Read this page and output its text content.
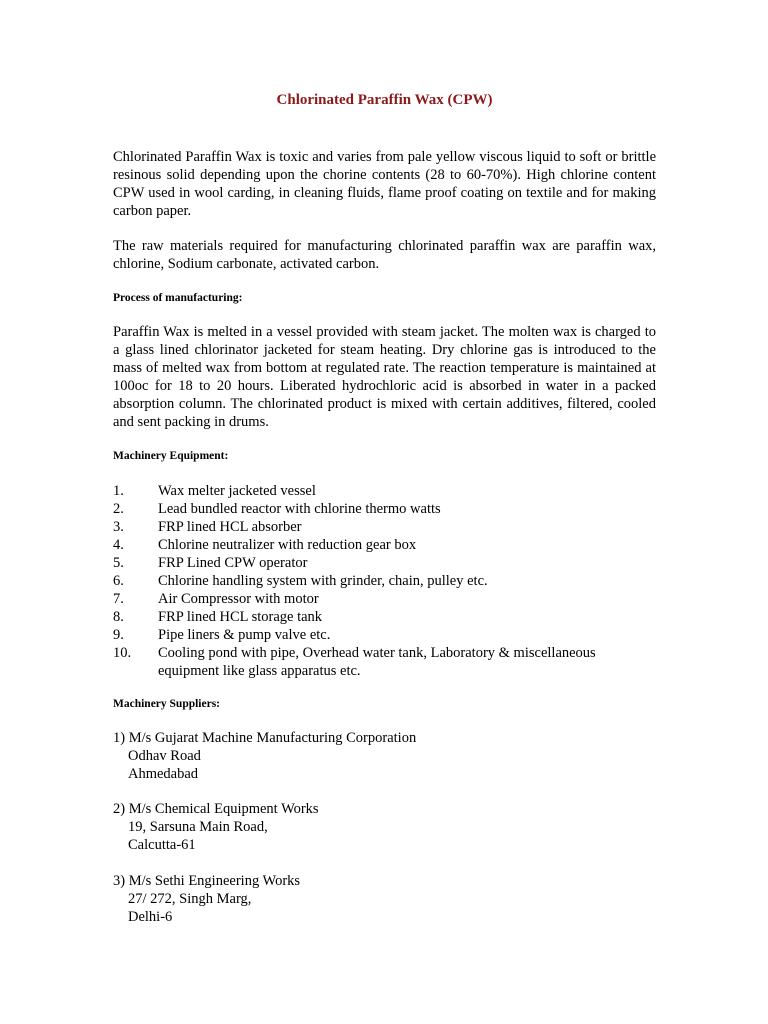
Chlorinated Paraffin Wax (CPW)

Chlorinated Paraffin Wax is toxic and varies from pale yellow viscous liquid to soft or brittle resinous solid depending upon the chorine contents (28 to 60-70%). High chlorine content CPW used in wool carding, in cleaning fluids, flame proof coating on textile and for making carbon paper.

The raw materials required for manufacturing chlorinated paraffin wax are paraffin wax, chlorine, Sodium carbonate, activated carbon.

Process of manufacturing:

Paraffin Wax is melted in a vessel provided with steam jacket. The molten wax is charged to a glass lined chlorinator jacketed for steam heating. Dry chlorine gas is introduced to the mass of melted wax from bottom at regulated rate. The reaction temperature is maintained at 100oc for 18 to 20 hours. Liberated hydrochloric acid is absorbed in water in a packed absorption column. The chlorinated product is mixed with certain additives, filtered, cooled and sent packing in drums.

Machinery Equipment:
1.	Wax melter jacketed vessel
2.	Lead bundled reactor with chlorine thermo watts
3.	FRP lined HCL absorber
4.	Chlorine neutralizer with reduction gear box
5.	FRP Lined CPW operator
6.	Chlorine handling system with grinder, chain, pulley etc.
7.	Air Compressor with motor
8.	FRP lined HCL storage tank
9.	Pipe liners & pump valve etc.
10.	Cooling pond with pipe, Overhead water tank, Laboratory & miscellaneous equipment like glass apparatus etc.
Machinery Suppliers:
1) M/s Gujarat Machine Manufacturing Corporation
Odhav Road
Ahmedabad
2) M/s Chemical Equipment Works
19, Sarsuna Main Road,
Calcutta-61
3) M/s Sethi Engineering Works
27/ 272, Singh Marg,
Delhi-6
